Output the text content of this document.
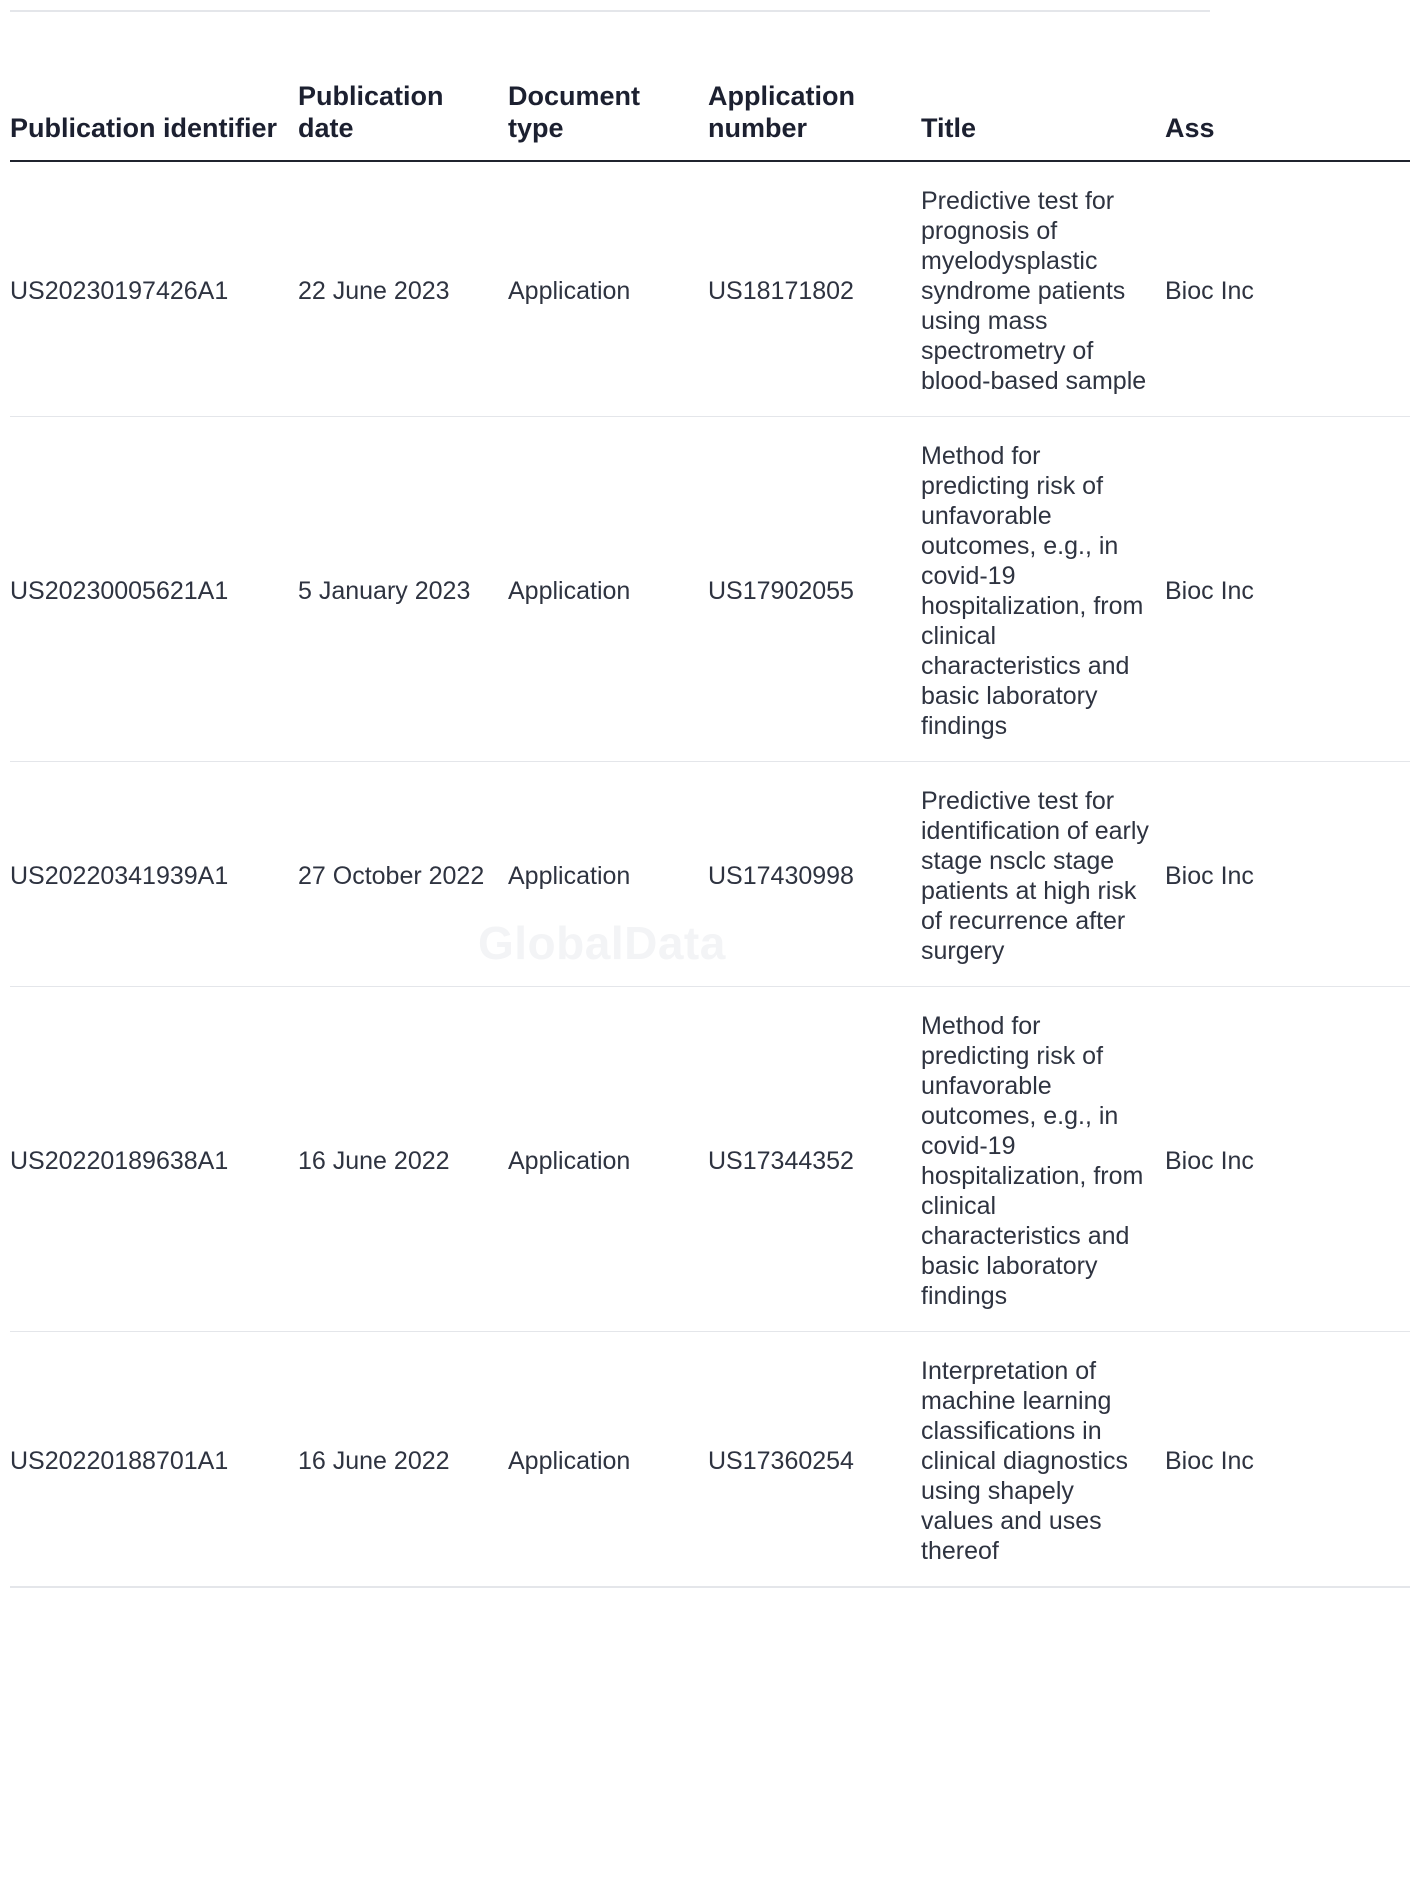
Publication identifier	Publication date	Document type	Application number	Title	Ass
US20230197426A1	22 June 2023	Application	US18171802	Predictive test for prognosis of myelodysplastic syndrome patients using mass spectrometry of blood-based sample	Bioc Inc
US20230005621A1	5 January 2023	Application	US17902055	Method for predicting risk of unfavorable outcomes, e.g., in covid-19 hospitalization, from clinical characteristics and basic laboratory findings	Bioc Inc
US20220341939A1	27 October 2022	Application	US17430998	Predictive test for identification of early stage nsclc stage patients at high risk of recurrence after surgery	Bioc Inc
US20220189638A1	16 June 2022	Application	US17344352	Method for predicting risk of unfavorable outcomes, e.g., in covid-19 hospitalization, from clinical characteristics and basic laboratory findings	Bioc Inc
US20220188701A1	16 June 2022	Application	US17360254	Interpretation of machine learning classifications in clinical diagnostics using shapely values and uses thereof	Bioc Inc
GlobalData
